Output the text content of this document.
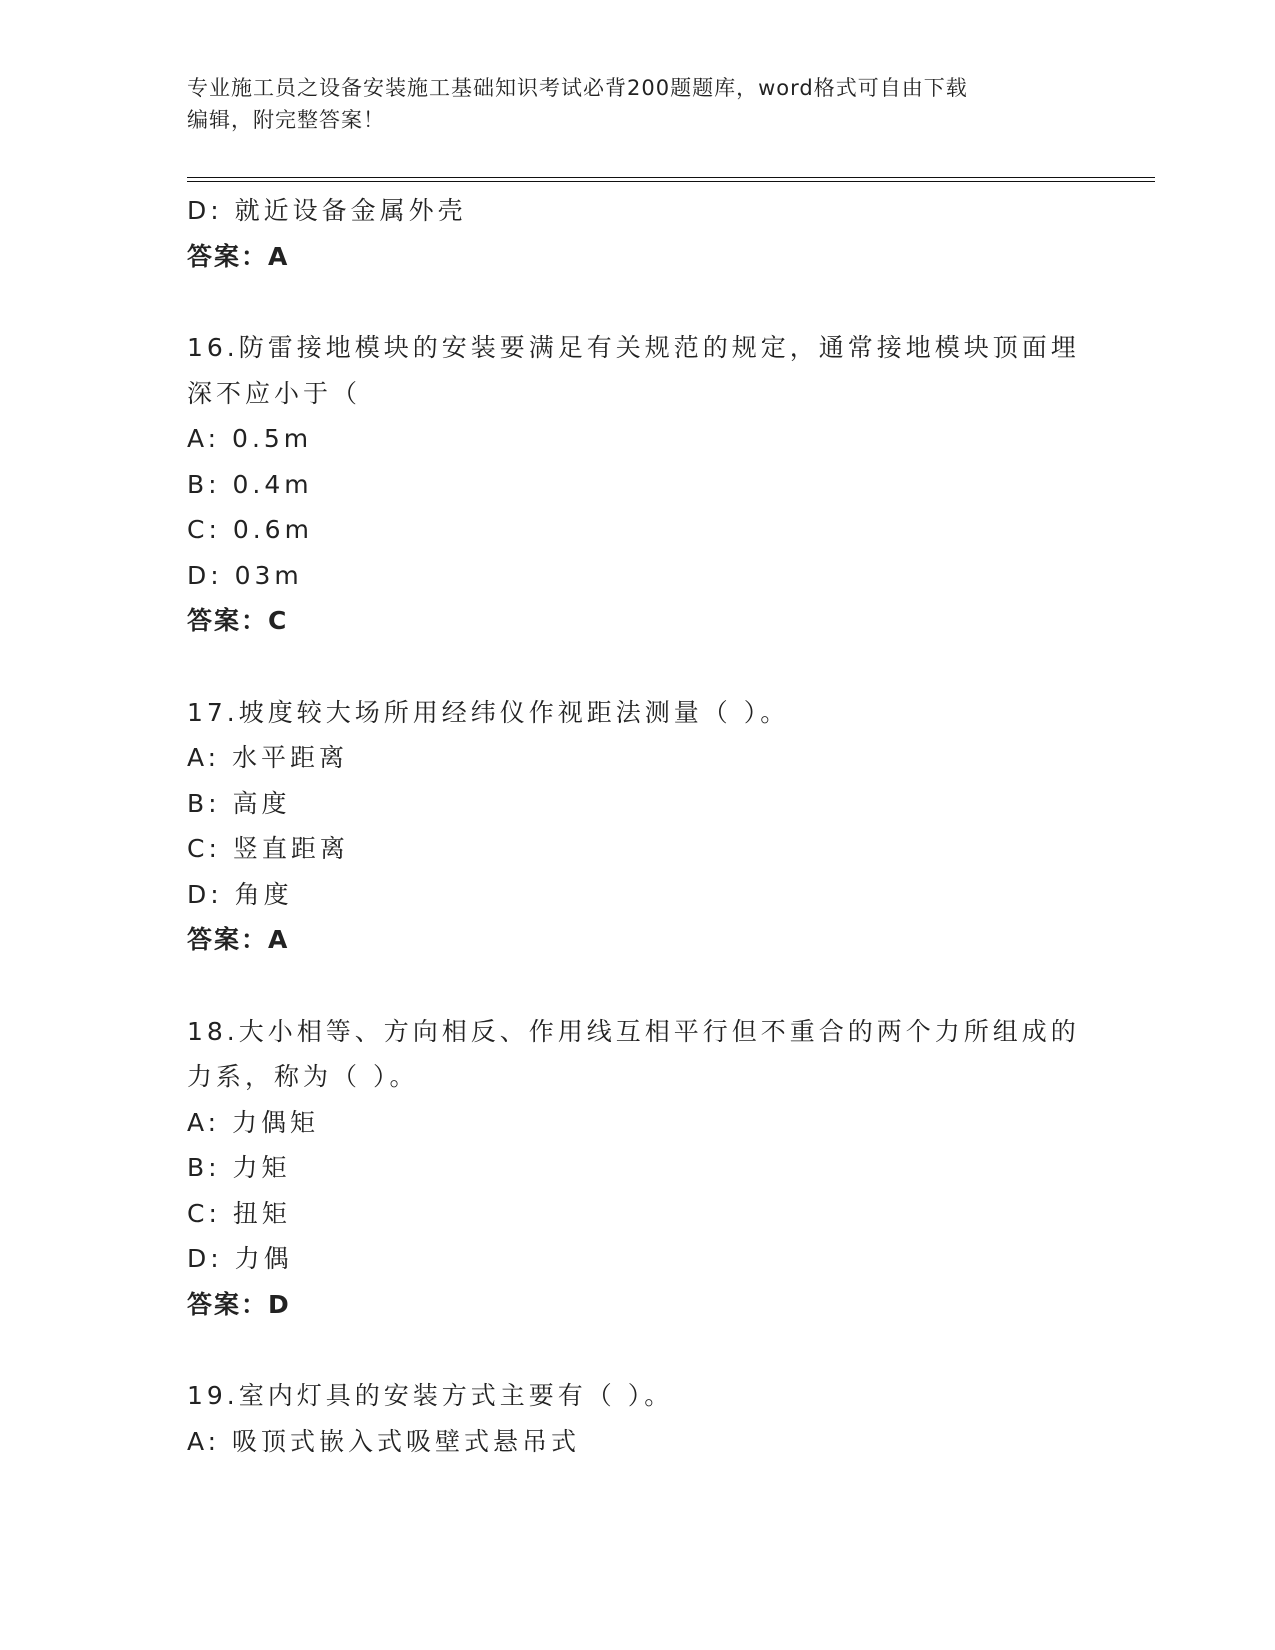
专业施工员之设备安装施工基础知识考试必背200题题库，word格式可自由下载
编辑，附完整答案！
D: 就近设备金属外壳
答案：A
16.防雷接地模块的安装要满足有关规范的规定，通常接地模块顶面埋
深不应小于（
A: 0.5m
B: 0.4m
C: 0.6m
D: 03m
答案：C
17.坡度较大场所用经纬仪作视距法测量（ ）。
A: 水平距离
B: 高度
C: 竖直距离
D: 角度
答案：A
18.大小相等、方向相反、作用线互相平行但不重合的两个力所组成的
力系，称为（ ）。
A: 力偶矩
B: 力矩
C: 扭矩
D: 力偶
答案：D
19.室内灯具的安装方式主要有（ ）。
A: 吸顶式嵌入式吸壁式悬吊式
